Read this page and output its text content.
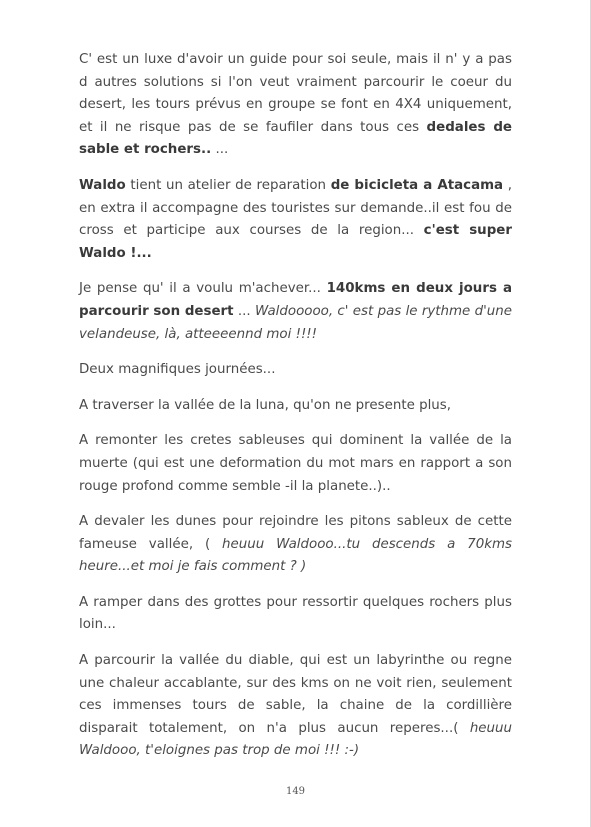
C' est un luxe d'avoir un guide pour soi seule, mais il n' y a pas d autres solutions si l'on veut vraiment parcourir le coeur du desert, les tours prévus en groupe se font en 4X4 uniquement, et il ne risque pas de se faufiler dans tous ces dedales de sable et rochers.. ...

Waldo tient un atelier de reparation de bicicleta a Atacama , en extra il accompagne des touristes sur demande..il est fou de cross et participe aux courses de la region... c'est super Waldo !...

Je pense qu' il a voulu m'achever... 140kms en deux jours a parcourir son desert ... Waldooooo, c' est pas le rythme d'une velandeuse, là, atteeeennd moi !!!!

Deux magnifiques journées...

A traverser la vallée de la luna, qu'on ne presente plus,

A remonter les cretes sableuses qui dominent la vallée de la muerte (qui est une deformation du mot mars en rapport a son rouge profond comme semble -il la planete..)..

A devaler les dunes pour rejoindre les pitons sableux de cette fameuse vallée, ( heuuu Waldooo...tu descends a 70kms heure...et moi je fais comment ? )

A ramper dans des grottes pour ressortir quelques rochers plus loin...

A parcourir la vallée du diable, qui est un labyrinthe ou regne une chaleur accablante, sur des kms on ne voit rien, seulement ces immenses tours de sable, la chaine de la cordillière disparait totalement, on n'a plus aucun reperes...( heuuu Waldooo, t'eloignes pas trop de moi !!! :-)

149
